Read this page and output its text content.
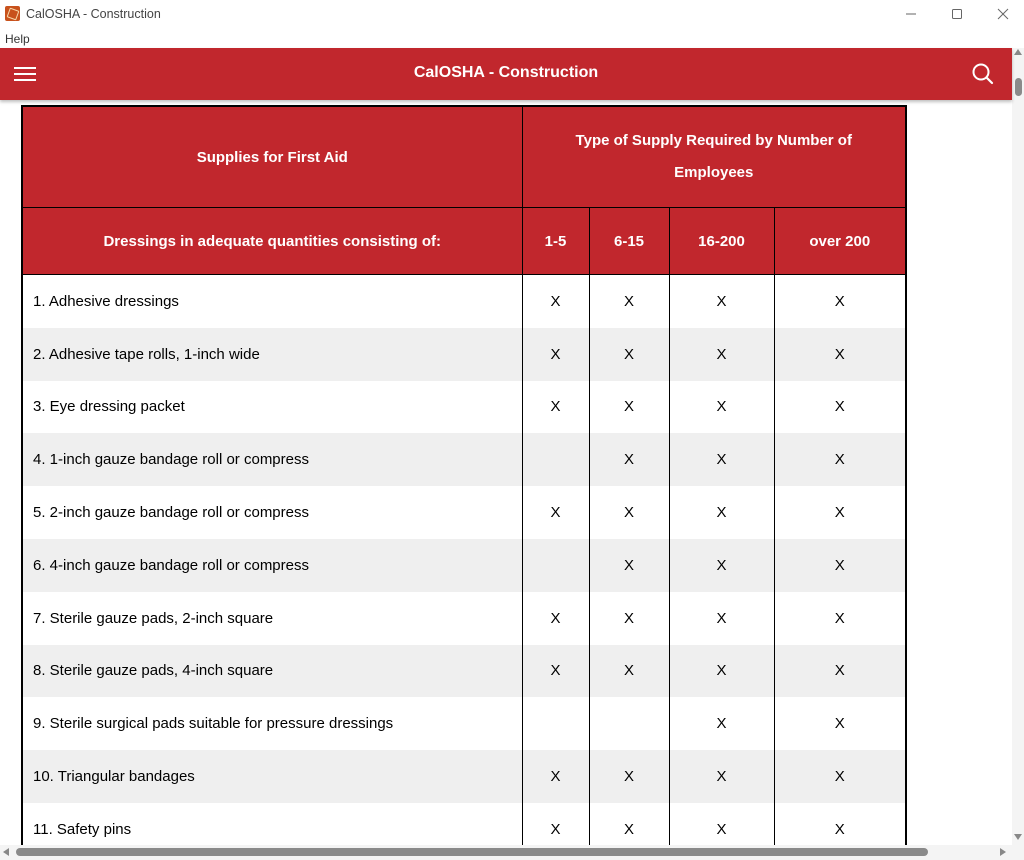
CalOSHA - Construction
Help
CalOSHA - Construction
Supplies for First Aid	Type of Supply Required by Number of Employees			
Dressings in adequate quantities consisting of:	1-5	6-15	16-200	over 200
1. Adhesive dressings	X	X	X	X
2. Adhesive tape rolls, 1-inch wide	X	X	X	X
3. Eye dressing packet	X	X	X	X
4. 1-inch gauze bandage roll or compress		X	X	X
5. 2-inch gauze bandage roll or compress	X	X	X	X
6. 4-inch gauze bandage roll or compress		X	X	X
7. Sterile gauze pads, 2-inch square	X	X	X	X
8. Sterile gauze pads, 4-inch square	X	X	X	X
9. Sterile surgical pads suitable for pressure dressings			X	X
10. Triangular bandages	X	X	X	X
11. Safety pins	X	X	X	X
